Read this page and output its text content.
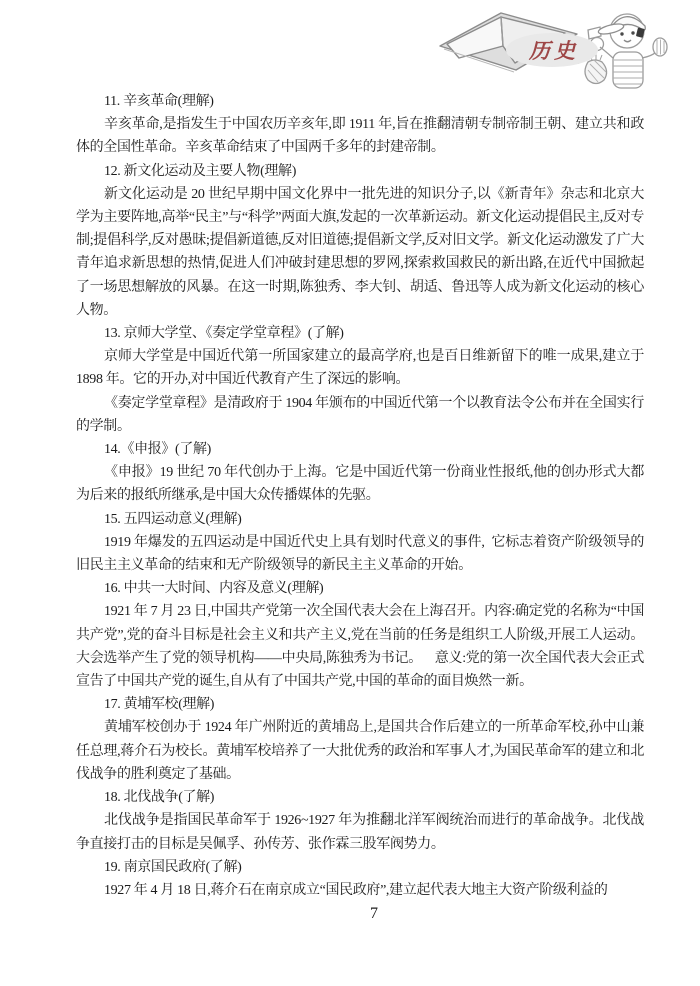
历史

11. 辛亥革命(理解)

辛亥革命,是指发生于中国农历辛亥年,即 1911 年,旨在推翻清朝专制帝制王朝、建立共和政体的全国性革命。辛亥革命结束了中国两千多年的封建帝制。

12. 新文化运动及主要人物(理解)

新文化运动是 20 世纪早期中国文化界中一批先进的知识分子,以《新青年》杂志和北京大学为主要阵地,高举“民主”与“科学”两面大旗,发起的一次革新运动。新文化运动提倡民主,反对专制;提倡科学,反对愚昧;提倡新道德,反对旧道德;提倡新文学,反对旧文学。新文化运动激发了广大青年追求新思想的热情,促进人们冲破封建思想的罗网,探索救国救民的新出路,在近代中国掀起了一场思想解放的风暴。在这一时期,陈独秀、李大钊、胡适、鲁迅等人成为新文化运动的核心人物。

13. 京师大学堂、《奏定学堂章程》(了解)

京师大学堂是中国近代第一所国家建立的最高学府,也是百日维新留下的唯一成果,建立于 1898 年。它的开办,对中国近代教育产生了深远的影响。

《奏定学堂章程》是清政府于 1904 年颁布的中国近代第一个以教育法令公布并在全国实行的学制。

14.《申报》(了解)

《申报》19 世纪 70 年代创办于上海。它是中国近代第一份商业性报纸,他的创办形式大都为后来的报纸所继承,是中国大众传播媒体的先驱。

15. 五四运动意义(理解)

1919 年爆发的五四运动是中国近代史上具有划时代意义的事件,  它标志着资产阶级领导的旧民主主义革命的结束和无产阶级领导的新民主主义革命的开始。

16. 中共一大时间、内容及意义(理解)

1921 年 7 月 23 日,中国共产党第一次全国代表大会在上海召开。内容:确定党的名称为“中国共产党”,党的奋斗目标是社会主义和共产主义,党在当前的任务是组织工人阶级,开展工人运动。大会选举产生了党的领导机构——中央局,陈独秀为书记。    意义:党的第一次全国代表大会正式宣告了中国共产党的诞生,自从有了中国共产党,中国的革命的面目焕然一新。

17. 黄埔军校(理解)

黄埔军校创办于 1924 年广州附近的黄埔岛上,是国共合作后建立的一所革命军校,孙中山兼任总理,蒋介石为校长。黄埔军校培养了一大批优秀的政治和军事人才,为国民革命军的建立和北伐战争的胜利奠定了基础。

18. 北伐战争(了解)

北伐战争是指国民革命军于 1926~1927 年为推翻北洋军阀统治而进行的革命战争。北伐战争直接打击的目标是吴佩孚、孙传芳、张作霖三股军阀势力。

19. 南京国民政府(了解)

1927 年 4 月 18 日,蒋介石在南京成立“国民政府”,建立起代表大地主大资产阶级利益的

7
